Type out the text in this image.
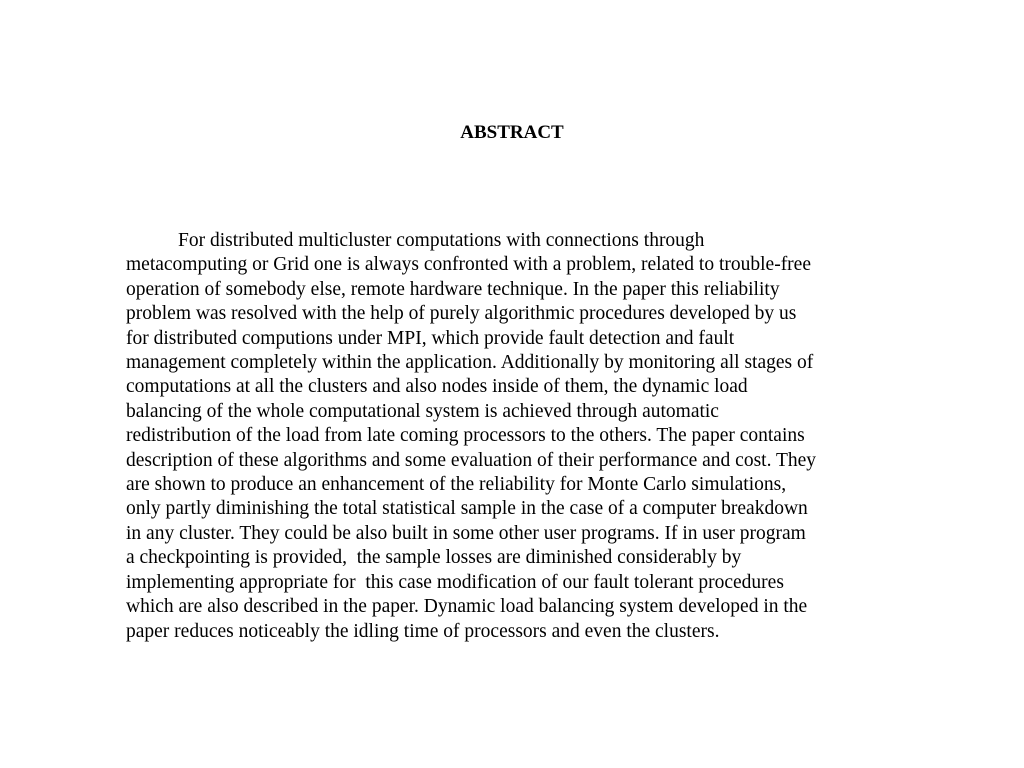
ABSTRACT
For distributed multicluster computations with connections through
metacomputing or Grid one is always confronted with a problem, related to trouble-free
operation of somebody else, remote hardware technique. In the paper this reliability
problem was resolved with the help of purely algorithmic procedures developed by us
for distributed computions under MPI, which provide fault detection and fault
management completely within the application. Additionally by monitoring all stages of
computations at all the clusters and also nodes inside of them, the dynamic load
balancing of the whole computational system is achieved through automatic
redistribution of the load from late coming processors to the others. The paper contains
description of these algorithms and some evaluation of their performance and cost. They
are shown to produce an enhancement of the reliability for Monte Carlo simulations,
only partly diminishing the total statistical sample in the case of a computer breakdown
in any cluster. They could be also built in some other user programs. If in user program
a checkpointing is provided,  the sample losses are diminished considerably by
implementing appropriate for  this case modification of our fault tolerant procedures
which are also described in the paper. Dynamic load balancing system developed in the
paper reduces noticeably the idling time of processors and even the clusters.
